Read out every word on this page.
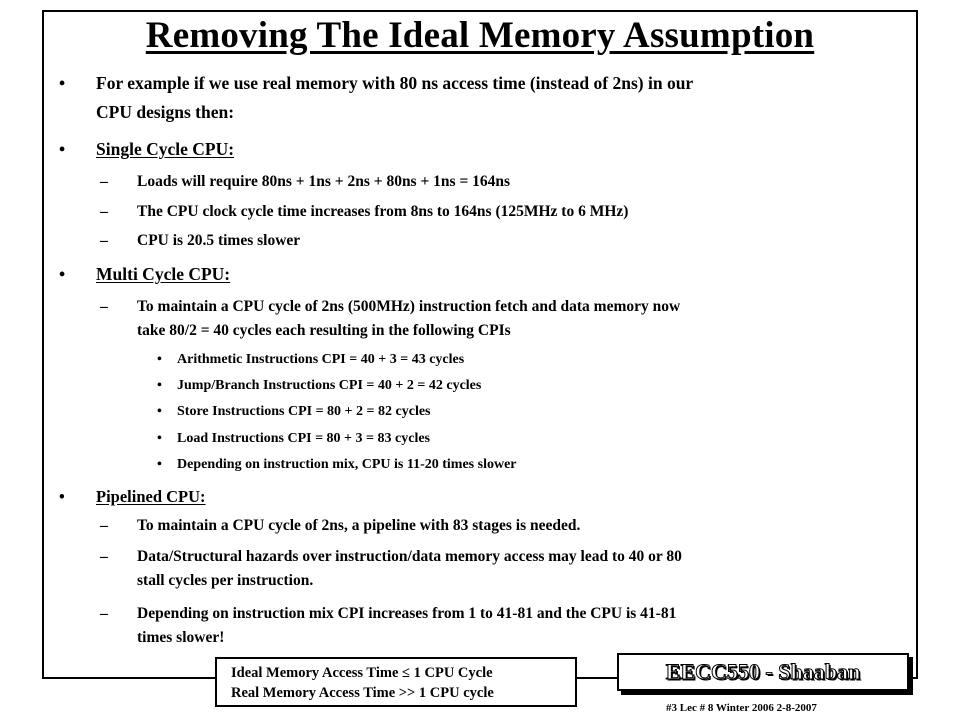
Removing The Ideal Memory Assumption
• For example if we use real memory with 80 ns access time (instead of 2ns) in our
CPU designs then:
• Single Cycle CPU:
– Loads will require 80ns + 1ns + 2ns + 80ns + 1ns = 164ns
– The CPU clock cycle time increases from 8ns to 164ns (125MHz to 6 MHz)
– CPU is 20.5 times slower
• Multi Cycle CPU:
– To maintain a CPU cycle of 2ns (500MHz) instruction fetch and data memory now
take 80/2 = 40 cycles each resulting in the following CPIs
• Arithmetic Instructions CPI = 40 + 3 = 43 cycles
• Jump/Branch Instructions CPI = 40 + 2 = 42 cycles
• Store Instructions CPI = 80 + 2 = 82 cycles
• Load Instructions CPI = 80 + 3 = 83 cycles
• Depending on instruction mix, CPU is 11-20 times slower
• Pipelined CPU:
– To maintain a CPU cycle of 2ns, a pipeline with 83 stages is needed.
– Data/Structural hazards over instruction/data memory access may lead to 40 or 80
stall cycles per instruction.
– Depending on instruction mix CPI increases from 1 to 41-81 and the CPU is 41-81
times slower!
Ideal Memory Access Time ≤ 1 CPU Cycle
Real Memory Access Time >> 1 CPU cycle
EECC550 - Shaaban
#3 Lec # 8 Winter 2006 2-8-2007
